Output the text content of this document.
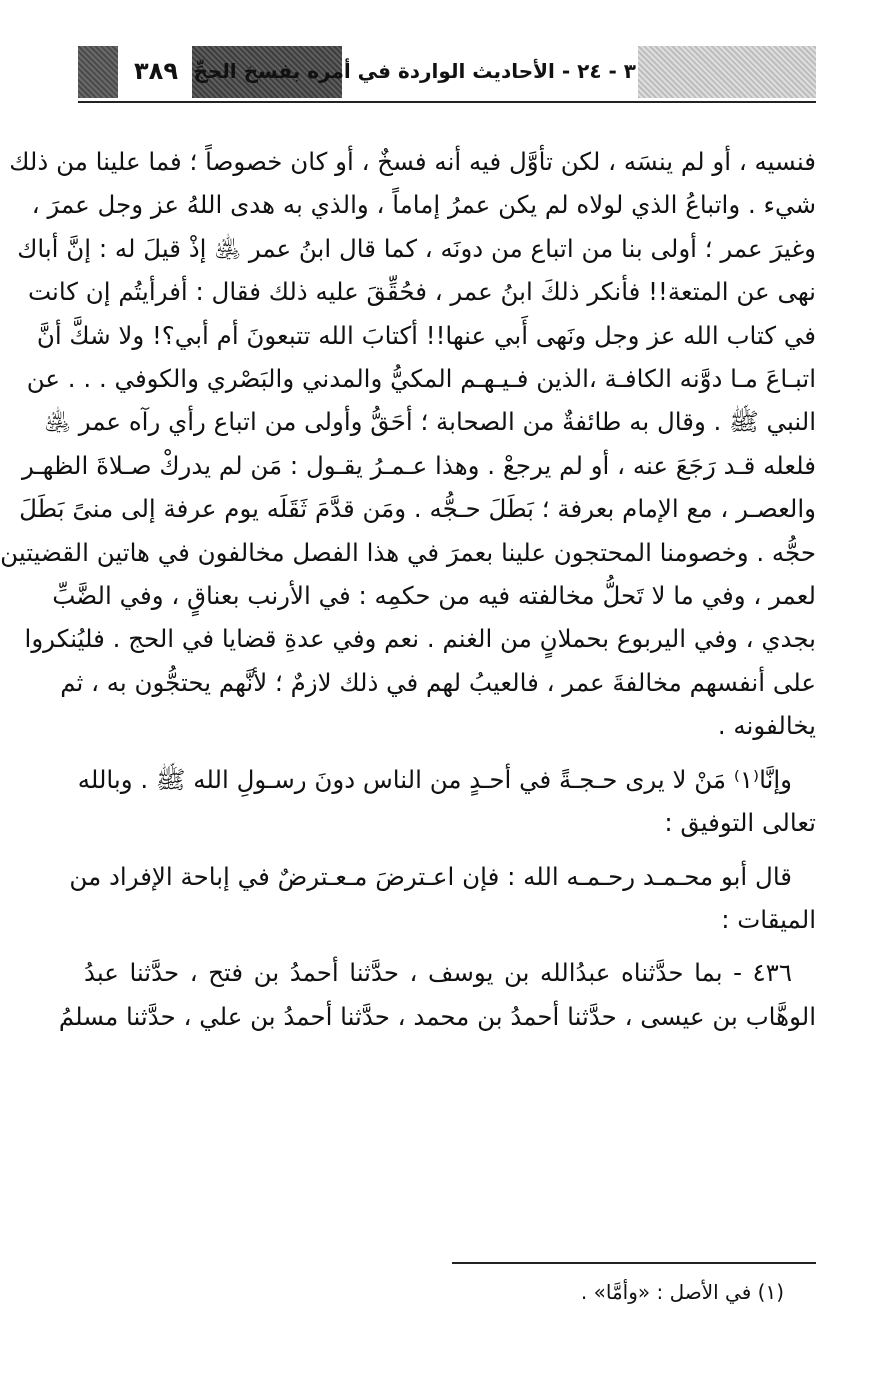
٣٨٩ ٣ - ٢٤ - الأحاديث الواردة في أمره بفسخ الحجِّ
فنسيه ، أو لم ينسَه ، لكن تأوَّل فيه أنه فسخٌ ، أو كان خصوصاً ؛ فما علينا من ذلك
شيء . واتباعُ الذي لولاه لم يكن عمرُ إماماً ، والذي به هدى اللهُ عز وجل عمرَ ،
وغيرَ عمر ؛ أولى بنا من اتباع من دونَه ، كما قال ابنُ عمر ﵁ إذْ قيلَ له : إنَّ أباك
نهى عن المتعة!! فأنكر ذلكَ ابنُ عمر ، فحُقِّقَ عليه ذلك فقال : أفرأيتُم إن كانت
في كتاب الله عز وجل ونَهى أَبي عنها!! أكتابَ الله تتبعونَ أم أبي؟! ولا شكَّ أنَّ
اتبـاعَ مـا دوَّنه الكافـة ،الذين فـيـهـم المكيُّ والمدني والبَصْري والكوفي . . . عن
النبي ﷺ . وقال به طائفةٌ من الصحابة ؛ أحَقُّ وأولى من اتباع رأي رآه عمر ﵁
فلعله قـد رَجَعَ عنه ، أو لم يرجعْ . وهذا عـمـرُ يقـول : مَن لم يدركْ صـلاةَ الظهـر
والعصـر ، مع الإمام بعرفة ؛ بَطَلَ حـجُّه . ومَن قدَّمَ ثَقَلَه يوم عرفة إلى منىً بَطَلَ
حجُّه . وخصومنا المحتجون علينا بعمرَ في هذا الفصل مخالفون في هاتين القضيتين
لعمر ، وفي ما لا تَحلُّ مخالفته فيه من حكمِه : في الأرنب بعناقٍ ، وفي الضَّبِّ
بجدي ، وفي اليربوع بحملانٍ من الغنم . نعم وفي عدةِ قضايا في الحج . فليُنكروا
على أنفسهم مخالفةَ عمر ، فالعيبُ لهم في ذلك لازمٌ ؛ لأنَّهم يحتجُّون به ، ثم
يخالفونه .
وإنَّا⁽١⁾ مَنْ لا يرى حـجـةً في أحـدٍ من الناس دونَ رسـولِ الله ﷺ . وبالله
تعالى التوفيق :
قال أبو محـمـد رحـمـه الله : فإن اعـترضَ مـعـترضٌ في إباحة الإفراد من
الميقات :
٤٣٦ - بما حدَّثناه عبدُالله بن يوسف ، حدَّثنا أحمدُ بن فتح ، حدَّثنا عبدُ
الوهَّاب بن عيسى ، حدَّثنا أحمدُ بن محمد ، حدَّثنا أحمدُ بن علي ، حدَّثنا مسلمُ
(١) في الأصل : «وأمَّا» .
